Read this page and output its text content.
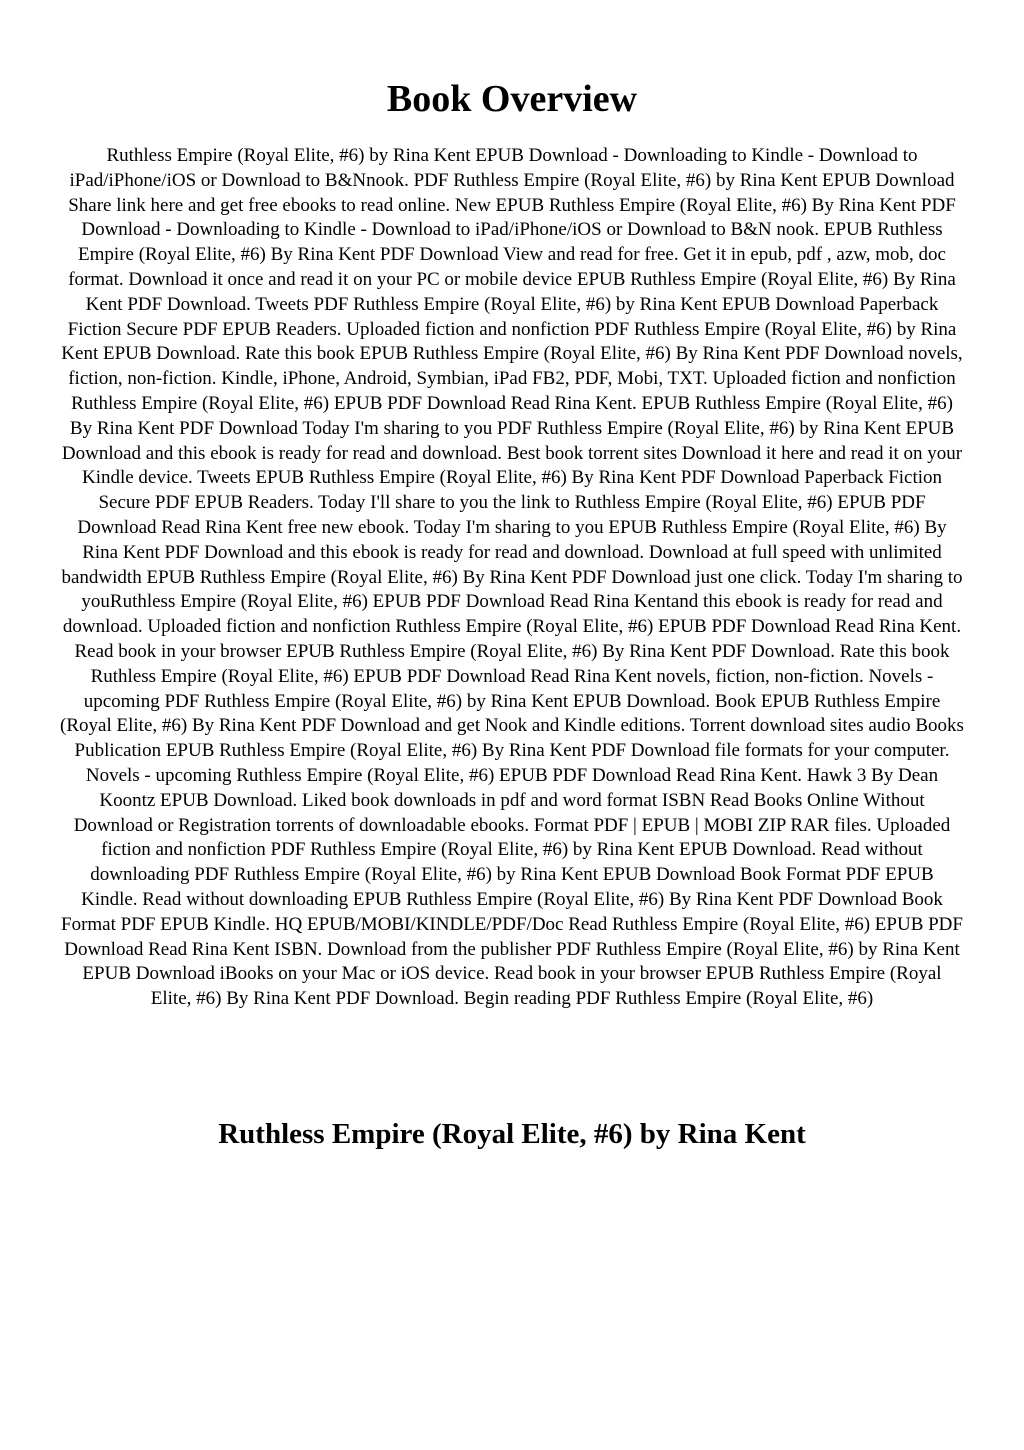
Book Overview

Ruthless Empire (Royal Elite, #6) by Rina Kent EPUB Download - Downloading to Kindle - Download to iPad/iPhone/iOS or Download to B&Nnook. PDF Ruthless Empire (Royal Elite, #6) by Rina Kent EPUB Download Share link here and get free ebooks to read online. New EPUB Ruthless Empire (Royal Elite, #6) By Rina Kent PDF Download - Downloading to Kindle - Download to iPad/iPhone/iOS or Download to B&N nook. EPUB Ruthless Empire (Royal Elite, #6) By Rina Kent PDF Download View and read for free. Get it in epub, pdf , azw, mob, doc format. Download it once and read it on your PC or mobile device EPUB Ruthless Empire (Royal Elite, #6) By Rina Kent PDF Download. Tweets PDF Ruthless Empire (Royal Elite, #6) by Rina Kent EPUB Download Paperback Fiction Secure PDF EPUB Readers. Uploaded fiction and nonfiction PDF Ruthless Empire (Royal Elite, #6) by Rina Kent EPUB Download. Rate this book EPUB Ruthless Empire (Royal Elite, #6) By Rina Kent PDF Download novels, fiction, non-fiction. Kindle, iPhone, Android, Symbian, iPad FB2, PDF, Mobi, TXT. Uploaded fiction and nonfiction Ruthless Empire (Royal Elite, #6) EPUB PDF Download Read Rina Kent. EPUB Ruthless Empire (Royal Elite, #6) By Rina Kent PDF Download Today I'm sharing to you PDF Ruthless Empire (Royal Elite, #6) by Rina Kent EPUB Download and this ebook is ready for read and download. Best book torrent sites Download it here and read it on your Kindle device. Tweets EPUB Ruthless Empire (Royal Elite, #6) By Rina Kent PDF Download Paperback Fiction Secure PDF EPUB Readers. Today I'll share to you the link to Ruthless Empire (Royal Elite, #6) EPUB PDF Download Read Rina Kent free new ebook. Today I'm sharing to you EPUB Ruthless Empire (Royal Elite, #6) By Rina Kent PDF Download and this ebook is ready for read and download. Download at full speed with unlimited bandwidth EPUB Ruthless Empire (Royal Elite, #6) By Rina Kent PDF Download just one click. Today I'm sharing to youRuthless Empire (Royal Elite, #6) EPUB PDF Download Read Rina Kentand this ebook is ready for read and download. Uploaded fiction and nonfiction Ruthless Empire (Royal Elite, #6) EPUB PDF Download Read Rina Kent. Read book in your browser EPUB Ruthless Empire (Royal Elite, #6) By Rina Kent PDF Download. Rate this book Ruthless Empire (Royal Elite, #6) EPUB PDF Download Read Rina Kent novels, fiction, non-fiction. Novels - upcoming PDF Ruthless Empire (Royal Elite, #6) by Rina Kent EPUB Download. Book EPUB Ruthless Empire (Royal Elite, #6) By Rina Kent PDF Download and get Nook and Kindle editions. Torrent download sites audio Books Publication EPUB Ruthless Empire (Royal Elite, #6) By Rina Kent PDF Download file formats for your computer. Novels - upcoming Ruthless Empire (Royal Elite, #6) EPUB PDF Download Read Rina Kent. Hawk 3 By Dean Koontz EPUB Download. Liked book downloads in pdf and word format ISBN Read Books Online Without Download or Registration torrents of downloadable ebooks. Format PDF | EPUB | MOBI ZIP RAR files. Uploaded fiction and nonfiction PDF Ruthless Empire (Royal Elite, #6) by Rina Kent EPUB Download. Read without downloading PDF Ruthless Empire (Royal Elite, #6) by Rina Kent EPUB Download Book Format PDF EPUB Kindle. Read without downloading EPUB Ruthless Empire (Royal Elite, #6) By Rina Kent PDF Download Book Format PDF EPUB Kindle. HQ EPUB/MOBI/KINDLE/PDF/Doc Read Ruthless Empire (Royal Elite, #6) EPUB PDF Download Read Rina Kent ISBN. Download from the publisher PDF Ruthless Empire (Royal Elite, #6) by Rina Kent EPUB Download iBooks on your Mac or iOS device. Read book in your browser EPUB Ruthless Empire (Royal Elite, #6) By Rina Kent PDF Download. Begin reading PDF Ruthless Empire (Royal Elite, #6)

Ruthless Empire (Royal Elite, #6) by Rina Kent
